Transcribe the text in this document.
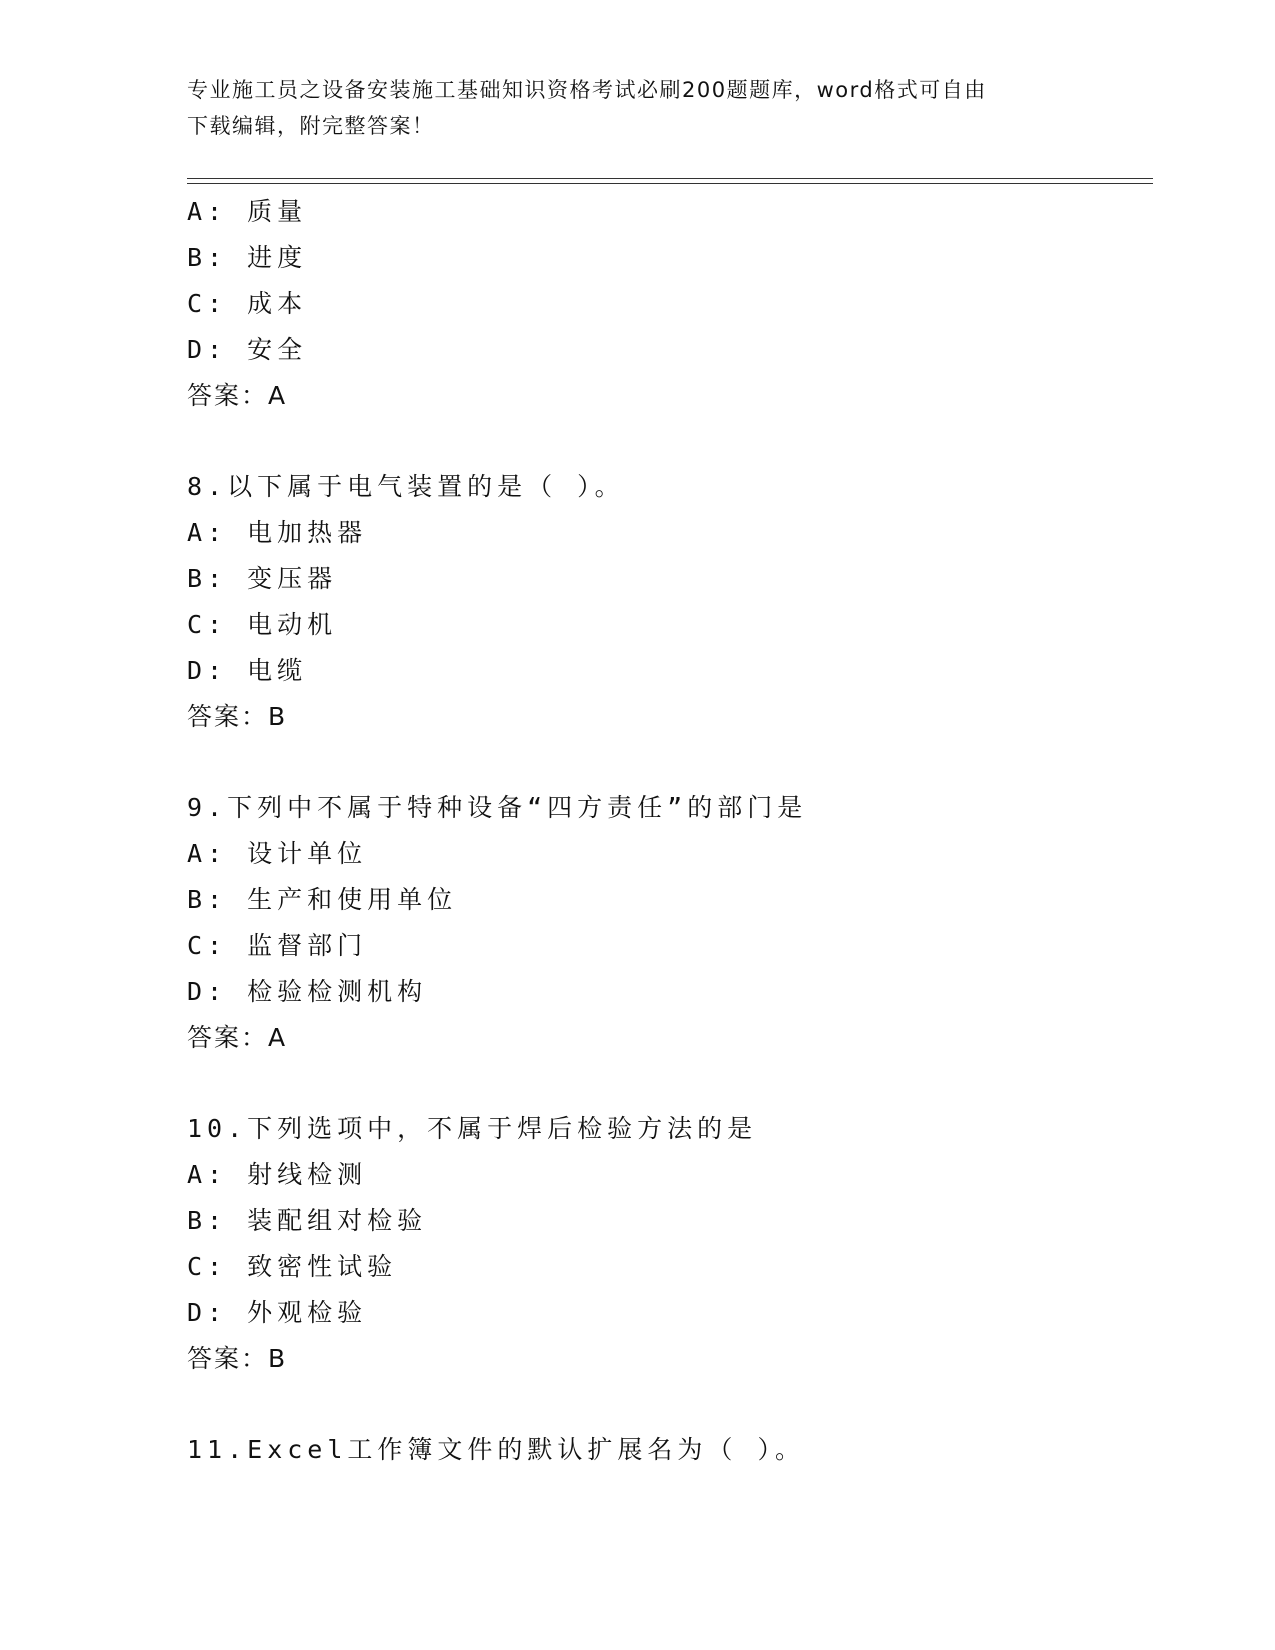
专业施工员之设备安装施工基础知识资格考试必刷200题题库，word格式可自由
下载编辑，附完整答案！
A: 质量
B: 进度
C: 成本
D: 安全
答案：A
8.以下属于电气装置的是（ ）。
A: 电加热器
B: 变压器
C: 电动机
D: 电缆
答案：B
9.下列中不属于特种设备“四方责任”的部门是
A: 设计单位
B: 生产和使用单位
C: 监督部门
D: 检验检测机构
答案：A
10.下列选项中，不属于焊后检验方法的是
A: 射线检测
B: 装配组对检验
C: 致密性试验
D: 外观检验
答案：B
11.Excel工作簿文件的默认扩展名为（ ）。
